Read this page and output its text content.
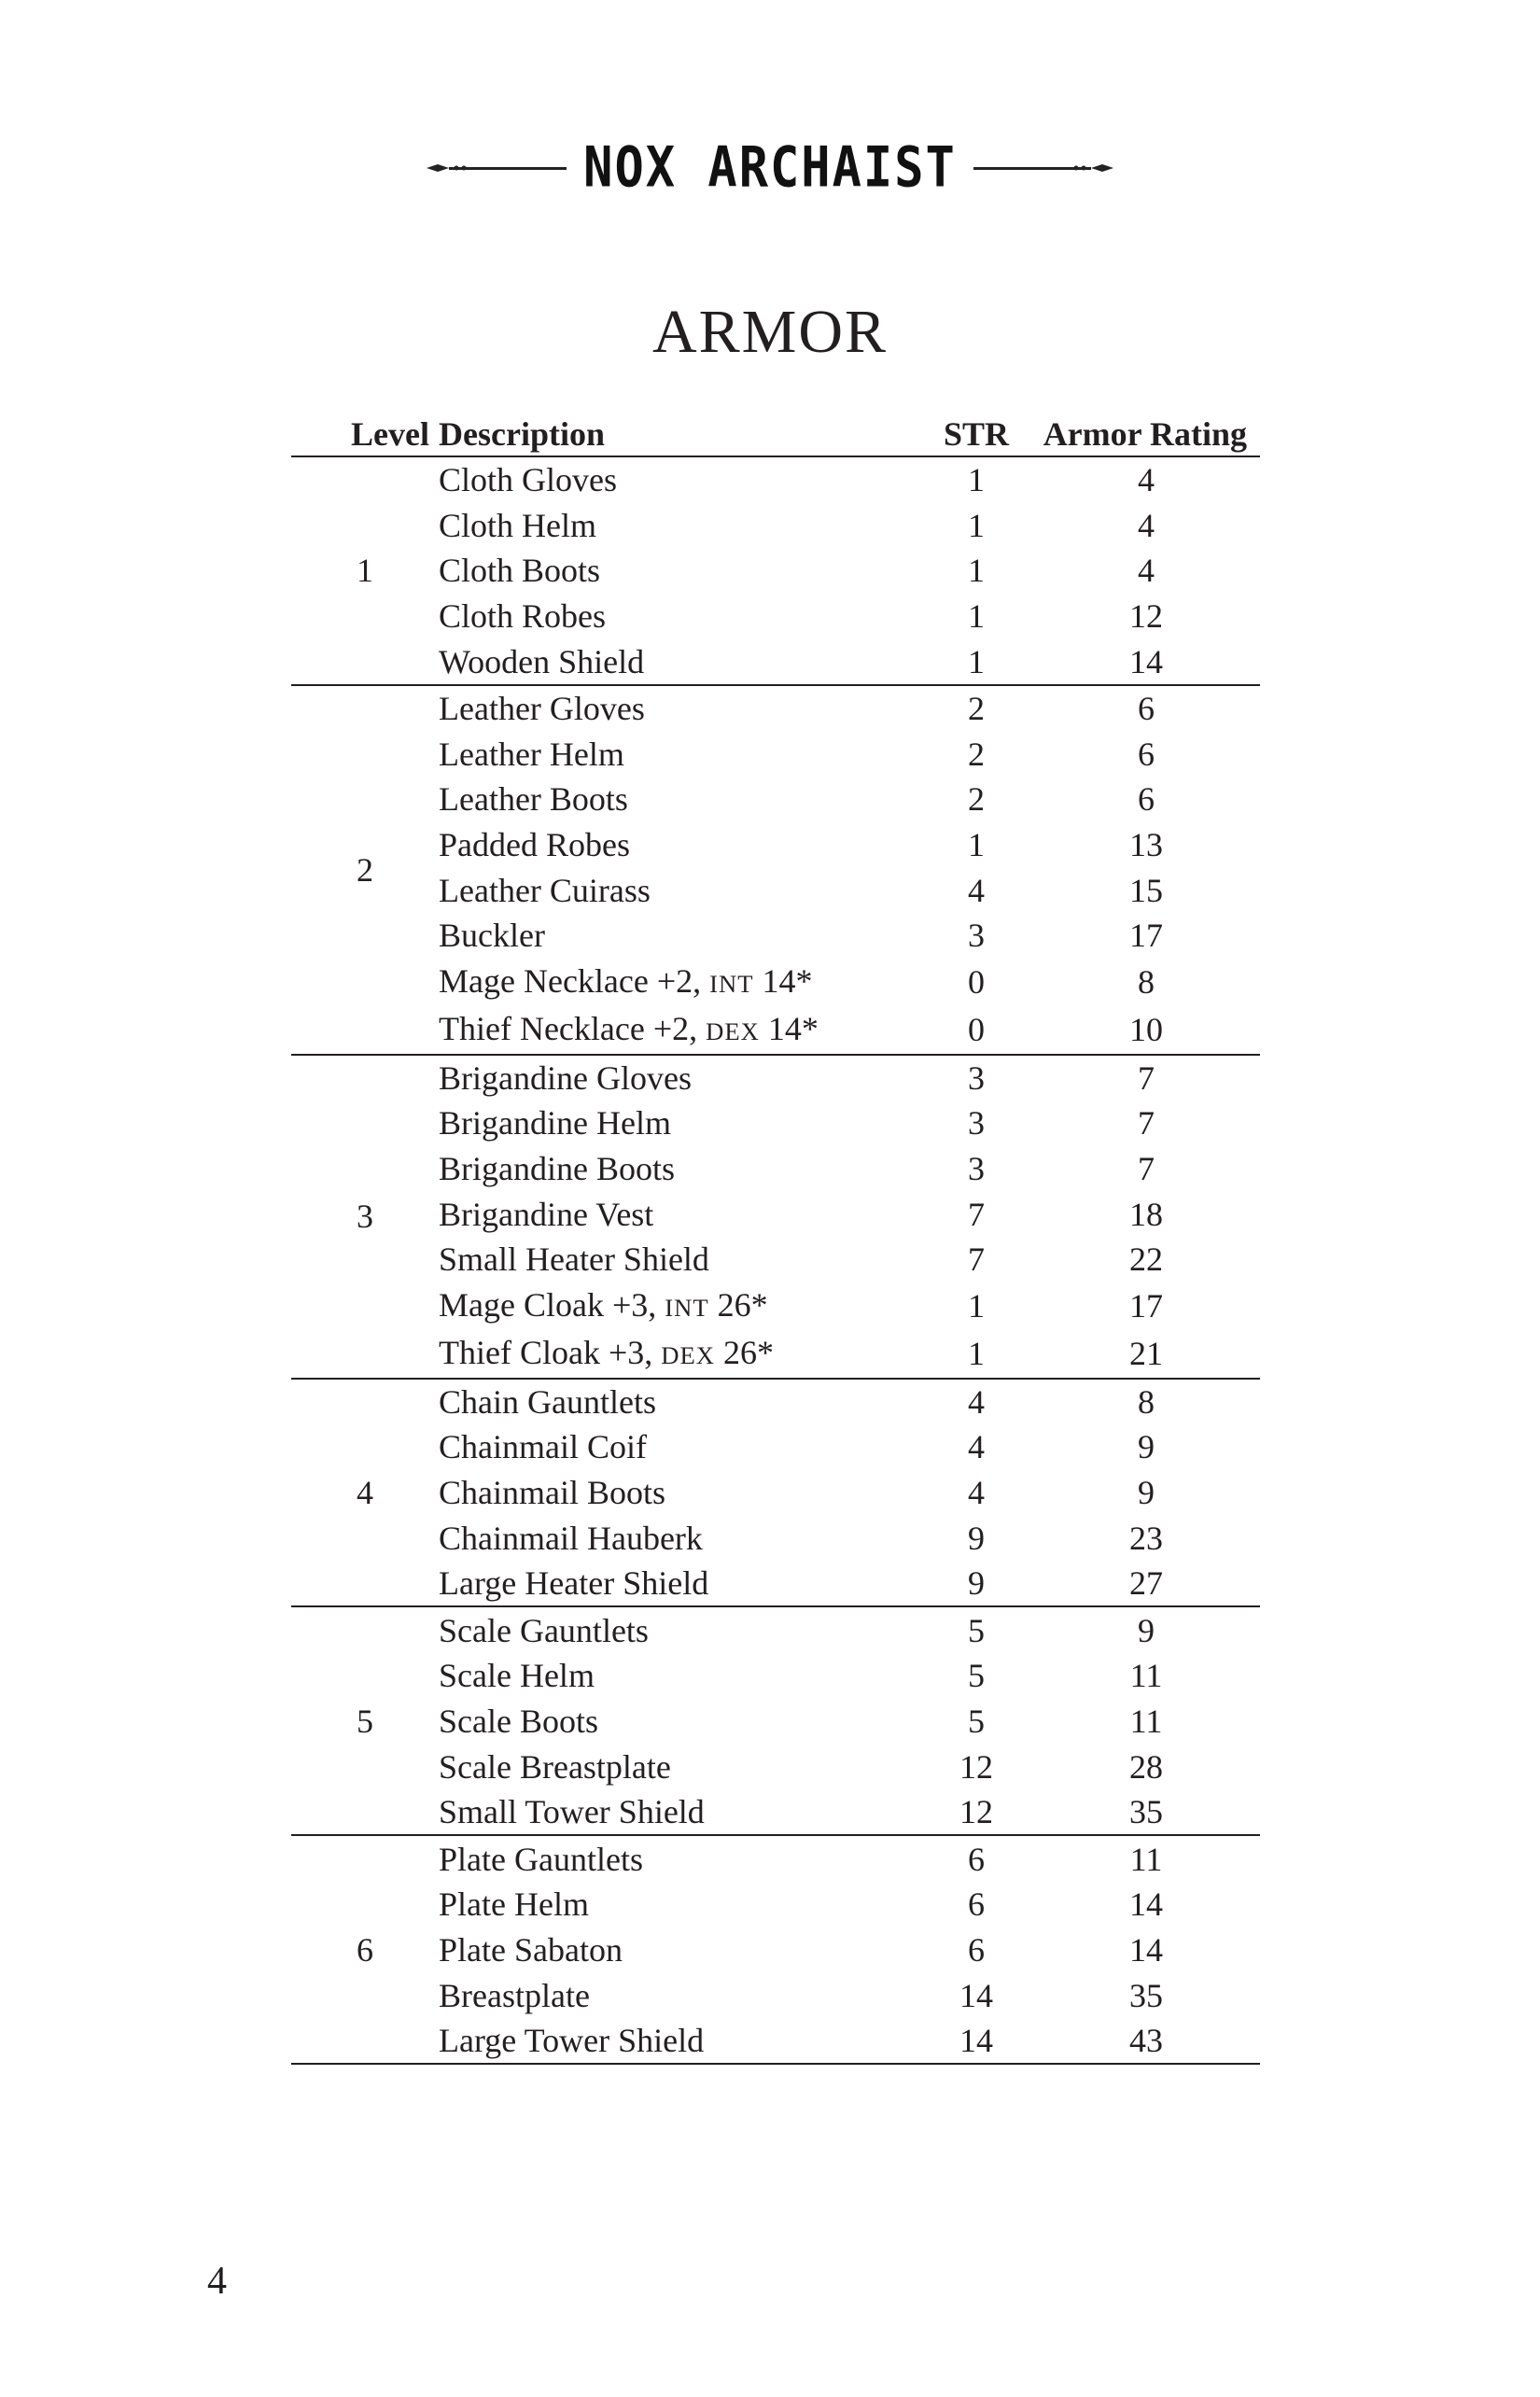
NOX ARCHAIST
ARMOR
Level	Description	STR	Armor Rating
1	Cloth Gloves	1	4
	Cloth Helm	1	4
	Cloth Boots	1	4
	Cloth Robes	1	12
	Wooden Shield	1	14
2	Leather Gloves	2	6
	Leather Helm	2	6
	Leather Boots	2	6
	Padded Robes	1	13
	Leather Cuirass	4	15
	Buckler	3	17
	Mage Necklace +2, INT 14*	0	8
	Thief Necklace +2, DEX 14*	0	10
3	Brigandine Gloves	3	7
	Brigandine Helm	3	7
	Brigandine Boots	3	7
	Brigandine Vest	7	18
	Small Heater Shield	7	22
	Mage Cloak +3, INT 26*	1	17
	Thief Cloak +3, DEX 26*	1	21
4	Chain Gauntlets	4	8
	Chainmail Coif	4	9
	Chainmail Boots	4	9
	Chainmail Hauberk	9	23
	Large Heater Shield	9	27
5	Scale Gauntlets	5	9
	Scale Helm	5	11
	Scale Boots	5	11
	Scale Breastplate	12	28
	Small Tower Shield	12	35
6	Plate Gauntlets	6	11
	Plate Helm	6	14
	Plate Sabaton	6	14
	Breastplate	14	35
	Large Tower Shield	14	43
4
